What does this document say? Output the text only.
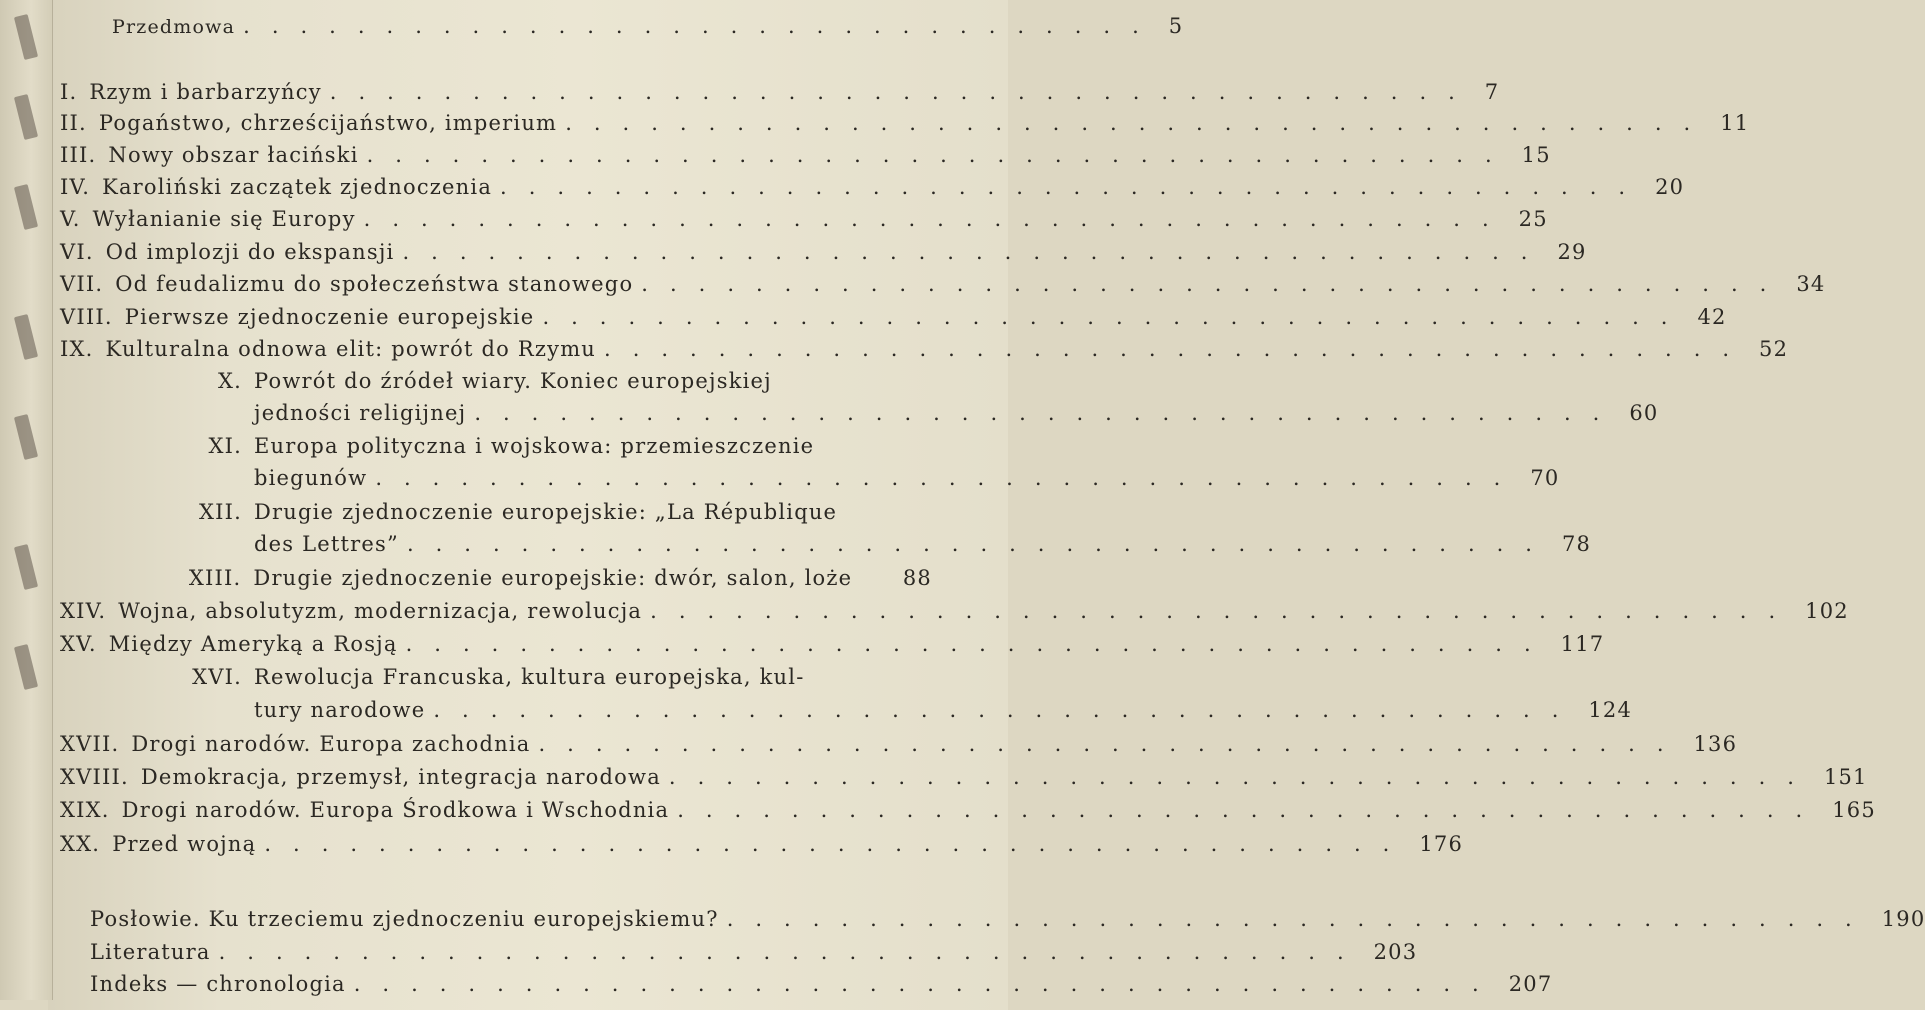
Przedmowa ................................ 5
I. Rzym i barbarzyńcy ........................................ 7
II. Pogaństwo, chrześcijaństwo, imperium ........................................ 11
III. Nowy obszar łaciński ........................................ 15
IV. Karoliński zaczątek zjednoczenia ........................................ 20
V. Wyłanianie się Europy ........................................ 25
VI. Od implozji do ekspansji ........................................ 29
VII. Od feudalizmu do społeczeństwa stanowego ........................................ 34
VIII. Pierwsze zjednoczenie europejskie ........................................ 42
IX. Kulturalna odnowa elit: powrót do Rzymu ........................................ 52
X. Powrót do źródeł wiary. Koniec europejskiej
jedności religijnej ........................................ 60
XI. Europa polityczna i wojskowa: przemieszczenie
biegunów ........................................ 70
XII. Drugie zjednoczenie europejskie: „La République
des Lettres” ........................................ 78
XIII. Drugie zjednoczenie europejskie: dwór, salon, loże	88
XIV. Wojna, absolutyzm, modernizacja, rewolucja ........................................ 102
XV. Między Ameryką a Rosją ........................................ 117
XVI. Rewolucja Francuska, kultura europejska, kul-
tury narodowe ........................................ 124
XVII. Drogi narodów. Europa zachodnia ........................................ 136
XVIII. Demokracja, przemysł, integracja narodowa ........................................ 151
XIX. Drogi narodów. Europa Środkowa i Wschodnia ........................................ 165
XX. Przed wojną ........................................ 176
Posłowie. Ku trzeciemu zjednoczeniu europejskiemu? ........................................ 190
Literatura ........................................ 203
Indeks — chronologia ........................................ 207
